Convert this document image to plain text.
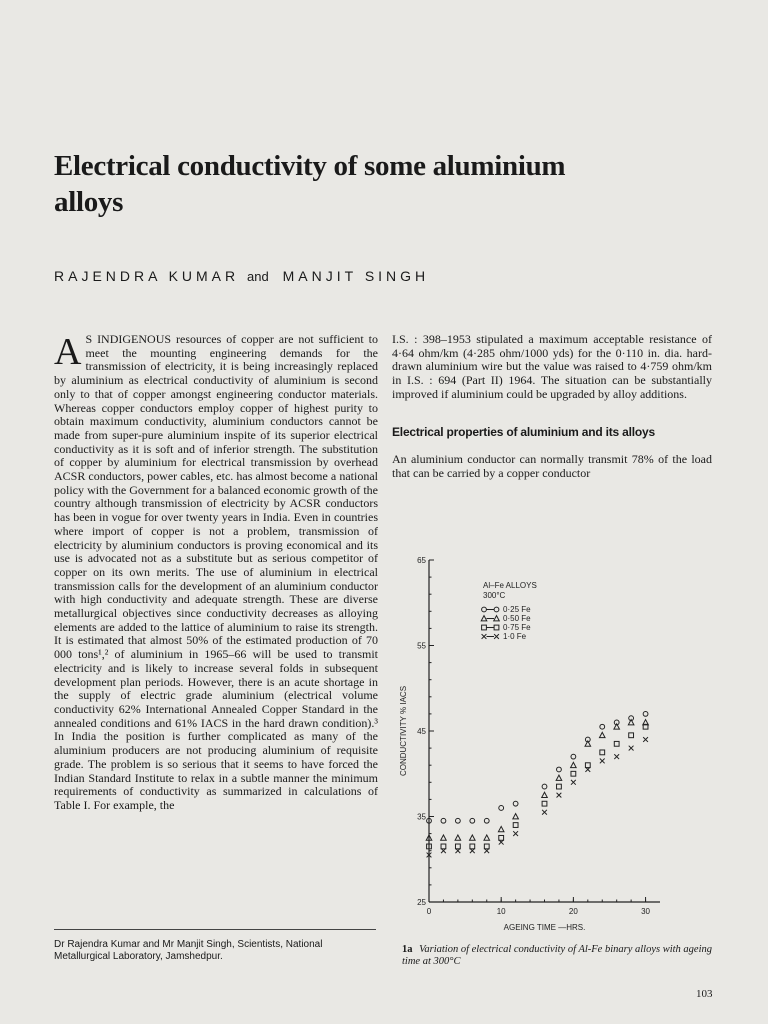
Electrical conductivity of some aluminium alloys
RAJENDRA KUMAR and MANJIT SINGH
A S INDIGENOUS resources of copper are not sufficient to meet the mounting engineering demands for the transmission of electricity, it is being increasingly replaced by aluminium as electrical conductivity of aluminium is second only to that of copper amongst engineering conductor materials. Whereas copper conductors employ copper of highest purity to obtain maximum conductivity, aluminium conductors cannot be made from super-pure aluminium inspite of its superior electrical conductivity as it is soft and of inferior strength. The substitution of copper by aluminium for electrical transmission by overhead ACSR conductors, power cables, etc. has almost become a national policy with the Government for a balanced economic growth of the country although transmission of electricity by ACSR conductors has been in vogue for over twenty years in India. Even in countries where import of copper is not a problem, transmission of electricity by aluminium conductors is proving economical and its use is advocated not as a substitute but as serious competitor of copper on its own merits. The use of aluminium in electrical transmission calls for the development of an aluminium conductor with high conductivity and adequate strength. These are diverse metallurgical objectives since conductivity decreases as alloying elements are added to the lattice of aluminium to raise its strength. It is estimated that almost 50% of the estimated production of 70 000 tons¹,² of aluminium in 1965–66 will be used to transmit electricity and is likely to increase several folds in subsequent development plan periods. However, there is an acute shortage in the supply of electric grade aluminium (electrical volume conductivity 62% International Annealed Copper Standard in the annealed conditions and 61% IACS in the hard drawn condition).³ In India the position is further complicated as many of the aluminium producers are not producing aluminium of requisite grade. The problem is so serious that it seems to have forced the Indian Standard Institute to relax in a subtle manner the minimum requirements of conductivity as summarized in calculations of Table I. For example, the

I.S. : 398–1953 stipulated a maximum acceptable resistance of 4·64 ohm/km (4·285 ohm/1000 yds) for the 0·110 in. dia. hard-drawn aluminium wire but the value was raised to 4·759 ohm/km in I.S. : 694 (Part II) 1964. The situation can be substantially improved if aluminium could be upgraded by alloy additions.

Electrical properties of aluminium and its alloys

An aluminium conductor can normally transmit 78% of the load that can be carried by a copper conductor

25
35
45
55
65
0	10	20	30
AGEING TIME —HRS.
CONDUCTIVITY % IACS
Al–Fe ALLOYS
300°C
0·25 Fe
0·50 Fe
0·75 Fe
1·0 Fe
Dr Rajendra Kumar and Mr Manjit Singh, Scientists, National Metallurgical Laboratory, Jamshedpur.
1a Variation of electrical conductivity of Al-Fe binary alloys with ageing time at 300°C
103
